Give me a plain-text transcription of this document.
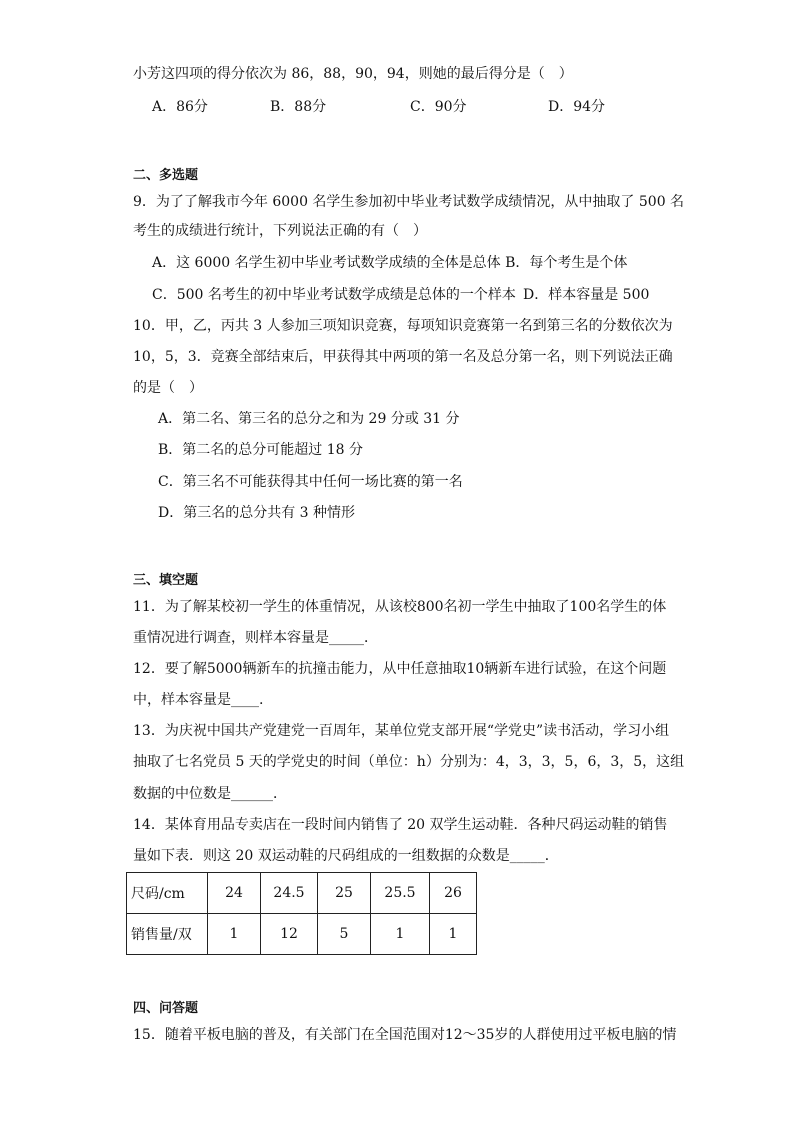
小芳这四项的得分依次为 86，88，90，94，则她的最后得分是（　）
A．86分	B．88分	C．90分	D．94分
二、多选题
9．为了了解我市今年 6000 名学生参加初中毕业考试数学成绩情况，从中抽取了 500 名
考生的成绩进行统计，下列说法正确的有（　）
A．这 6000 名学生初中毕业考试数学成绩的全体是总体 B．每个考生是个体
C．500 名考生的初中毕业考试数学成绩是总体的一个样本 D．样本容量是 500
10．甲，乙，丙共 3 人参加三项知识竞赛，每项知识竞赛第一名到第三名的分数依次为
10，5，3．竞赛全部结束后，甲获得其中两项的第一名及总分第一名，则下列说法正确
的是（　）
A．第二名、第三名的总分之和为 29 分或 31 分
B．第二名的总分可能超过 18 分
C．第三名不可能获得其中任何一场比赛的第一名
D．第三名的总分共有 3 种情形
三、填空题
11．为了解某校初一学生的体重情况，从该校800名初一学生中抽取了100名学生的体
重情况进行调查，则样本容量是_____．
12．要了解5000辆新车的抗撞击能力，从中任意抽取10辆新车进行试验，在这个问题
中，样本容量是____.
13．为庆祝中国共产党建党一百周年，某单位党支部开展“学党史”读书活动，学习小组
抽取了七名党员 5 天的学党史的时间（单位：h）分别为：4，3，3，5，6，3，5，这组
数据的中位数是______．
14．某体育用品专卖店在一段时间内销售了 20 双学生运动鞋．各种尺码运动鞋的销售
量如下表．则这 20 双运动鞋的尺码组成的一组数据的众数是_____．
尺码/cm	24	24.5	25	25.5	26
销售量/双	1	12	5	1	1
四、问答题
15．随着平板电脑的普及，有关部门在全国范围对12～35岁的人群使用过平板电脑的情
